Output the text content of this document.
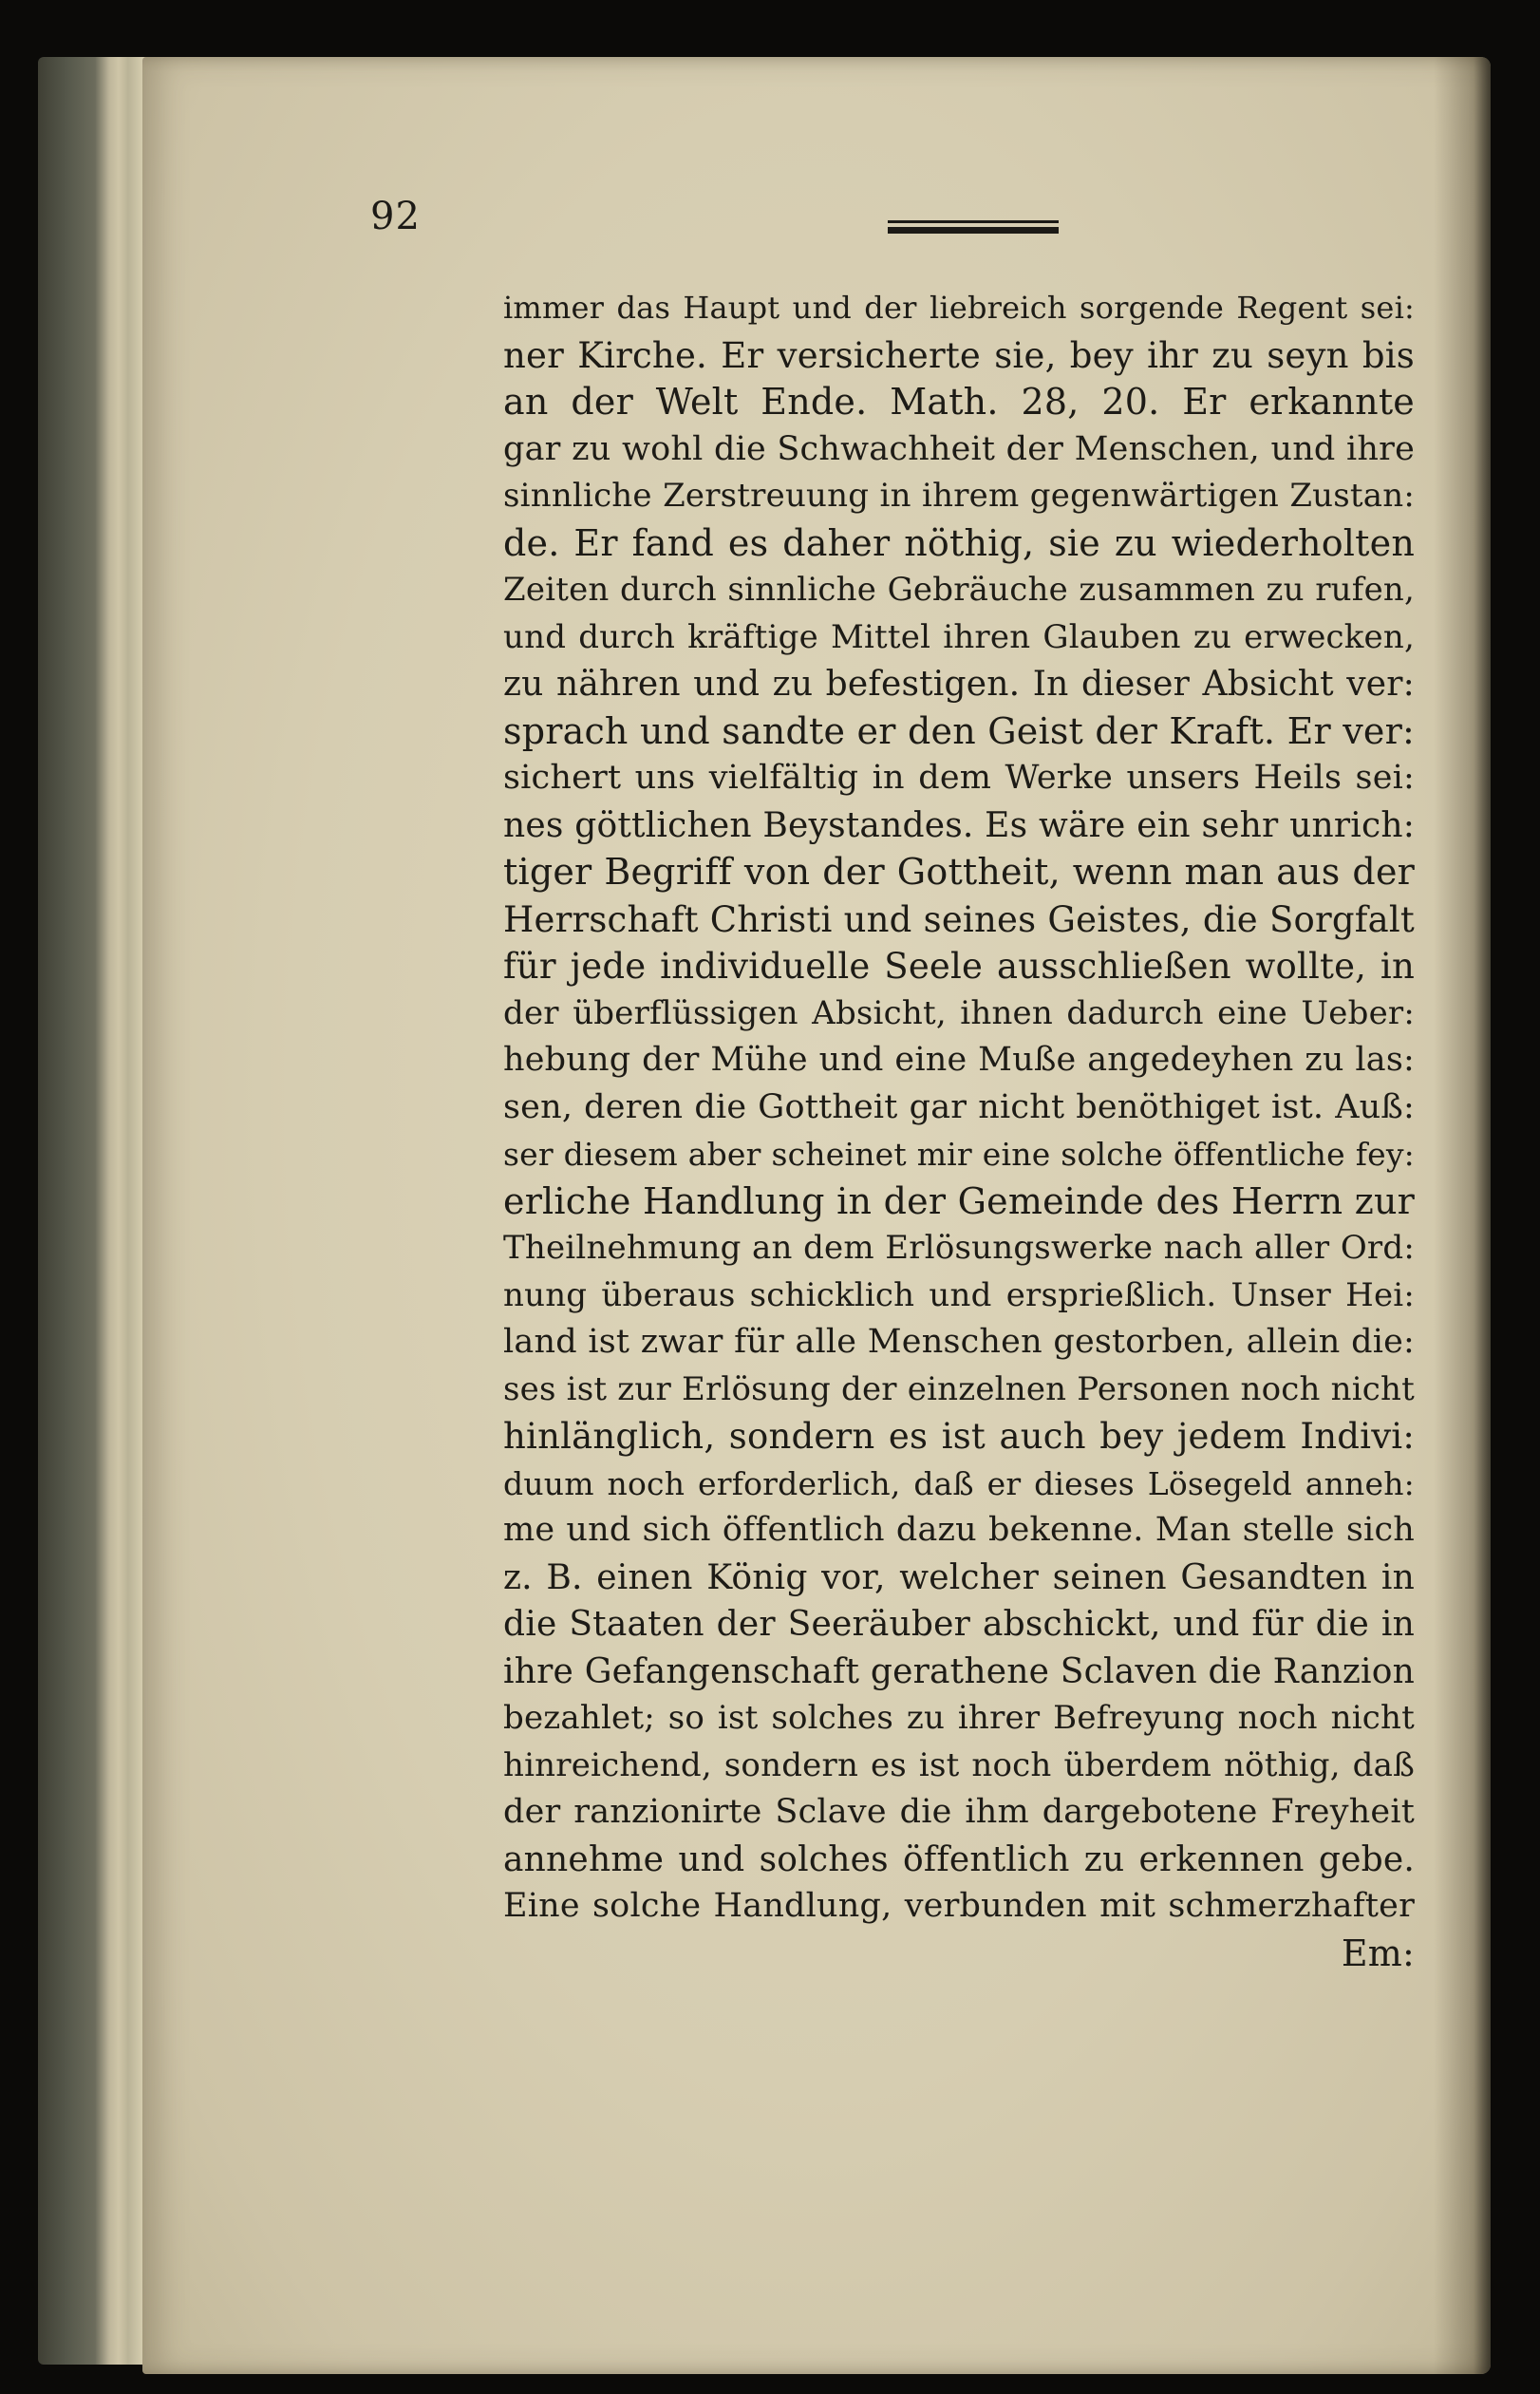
92
immer das Haupt und der liebreich sorgende Regent sei:
ner Kirche. Er versicherte sie, bey ihr zu seyn bis
an der Welt Ende. Math. 28, 20. Er erkannte
gar zu wohl die Schwachheit der Menschen, und ihre
sinnliche Zerstreuung in ihrem gegenwärtigen Zustan:
de. Er fand es daher nöthig, sie zu wiederholten
Zeiten durch sinnliche Gebräuche zusammen zu rufen,
und durch kräftige Mittel ihren Glauben zu erwecken,
zu nähren und zu befestigen. In dieser Absicht ver:
sprach und sandte er den Geist der Kraft. Er ver:
sichert uns vielfältig in dem Werke unsers Heils sei:
nes göttlichen Beystandes. Es wäre ein sehr unrich:
tiger Begriff von der Gottheit, wenn man aus der
Herrschaft Christi und seines Geistes, die Sorgfalt
für jede individuelle Seele ausschließen wollte, in
der überflüssigen Absicht, ihnen dadurch eine Ueber:
hebung der Mühe und eine Muße angedeyhen zu las:
sen, deren die Gottheit gar nicht benöthiget ist. Auß:
ser diesem aber scheinet mir eine solche öffentliche fey:
erliche Handlung in der Gemeinde des Herrn zur
Theilnehmung an dem Erlösungswerke nach aller Ord:
nung überaus schicklich und ersprießlich. Unser Hei:
land ist zwar für alle Menschen gestorben, allein die:
ses ist zur Erlösung der einzelnen Personen noch nicht
hinlänglich, sondern es ist auch bey jedem Indivi:
duum noch erforderlich, daß er dieses Lösegeld anneh:
me und sich öffentlich dazu bekenne. Man stelle sich
z. B. einen König vor, welcher seinen Gesandten in
die Staaten der Seeräuber abschickt, und für die in
ihre Gefangenschaft gerathene Sclaven die Ranzion
bezahlet; so ist solches zu ihrer Befreyung noch nicht
hinreichend, sondern es ist noch überdem nöthig, daß
der ranzionirte Sclave die ihm dargebotene Freyheit
annehme und solches öffentlich zu erkennen gebe.
Eine solche Handlung, verbunden mit schmerzhafter
Em:
